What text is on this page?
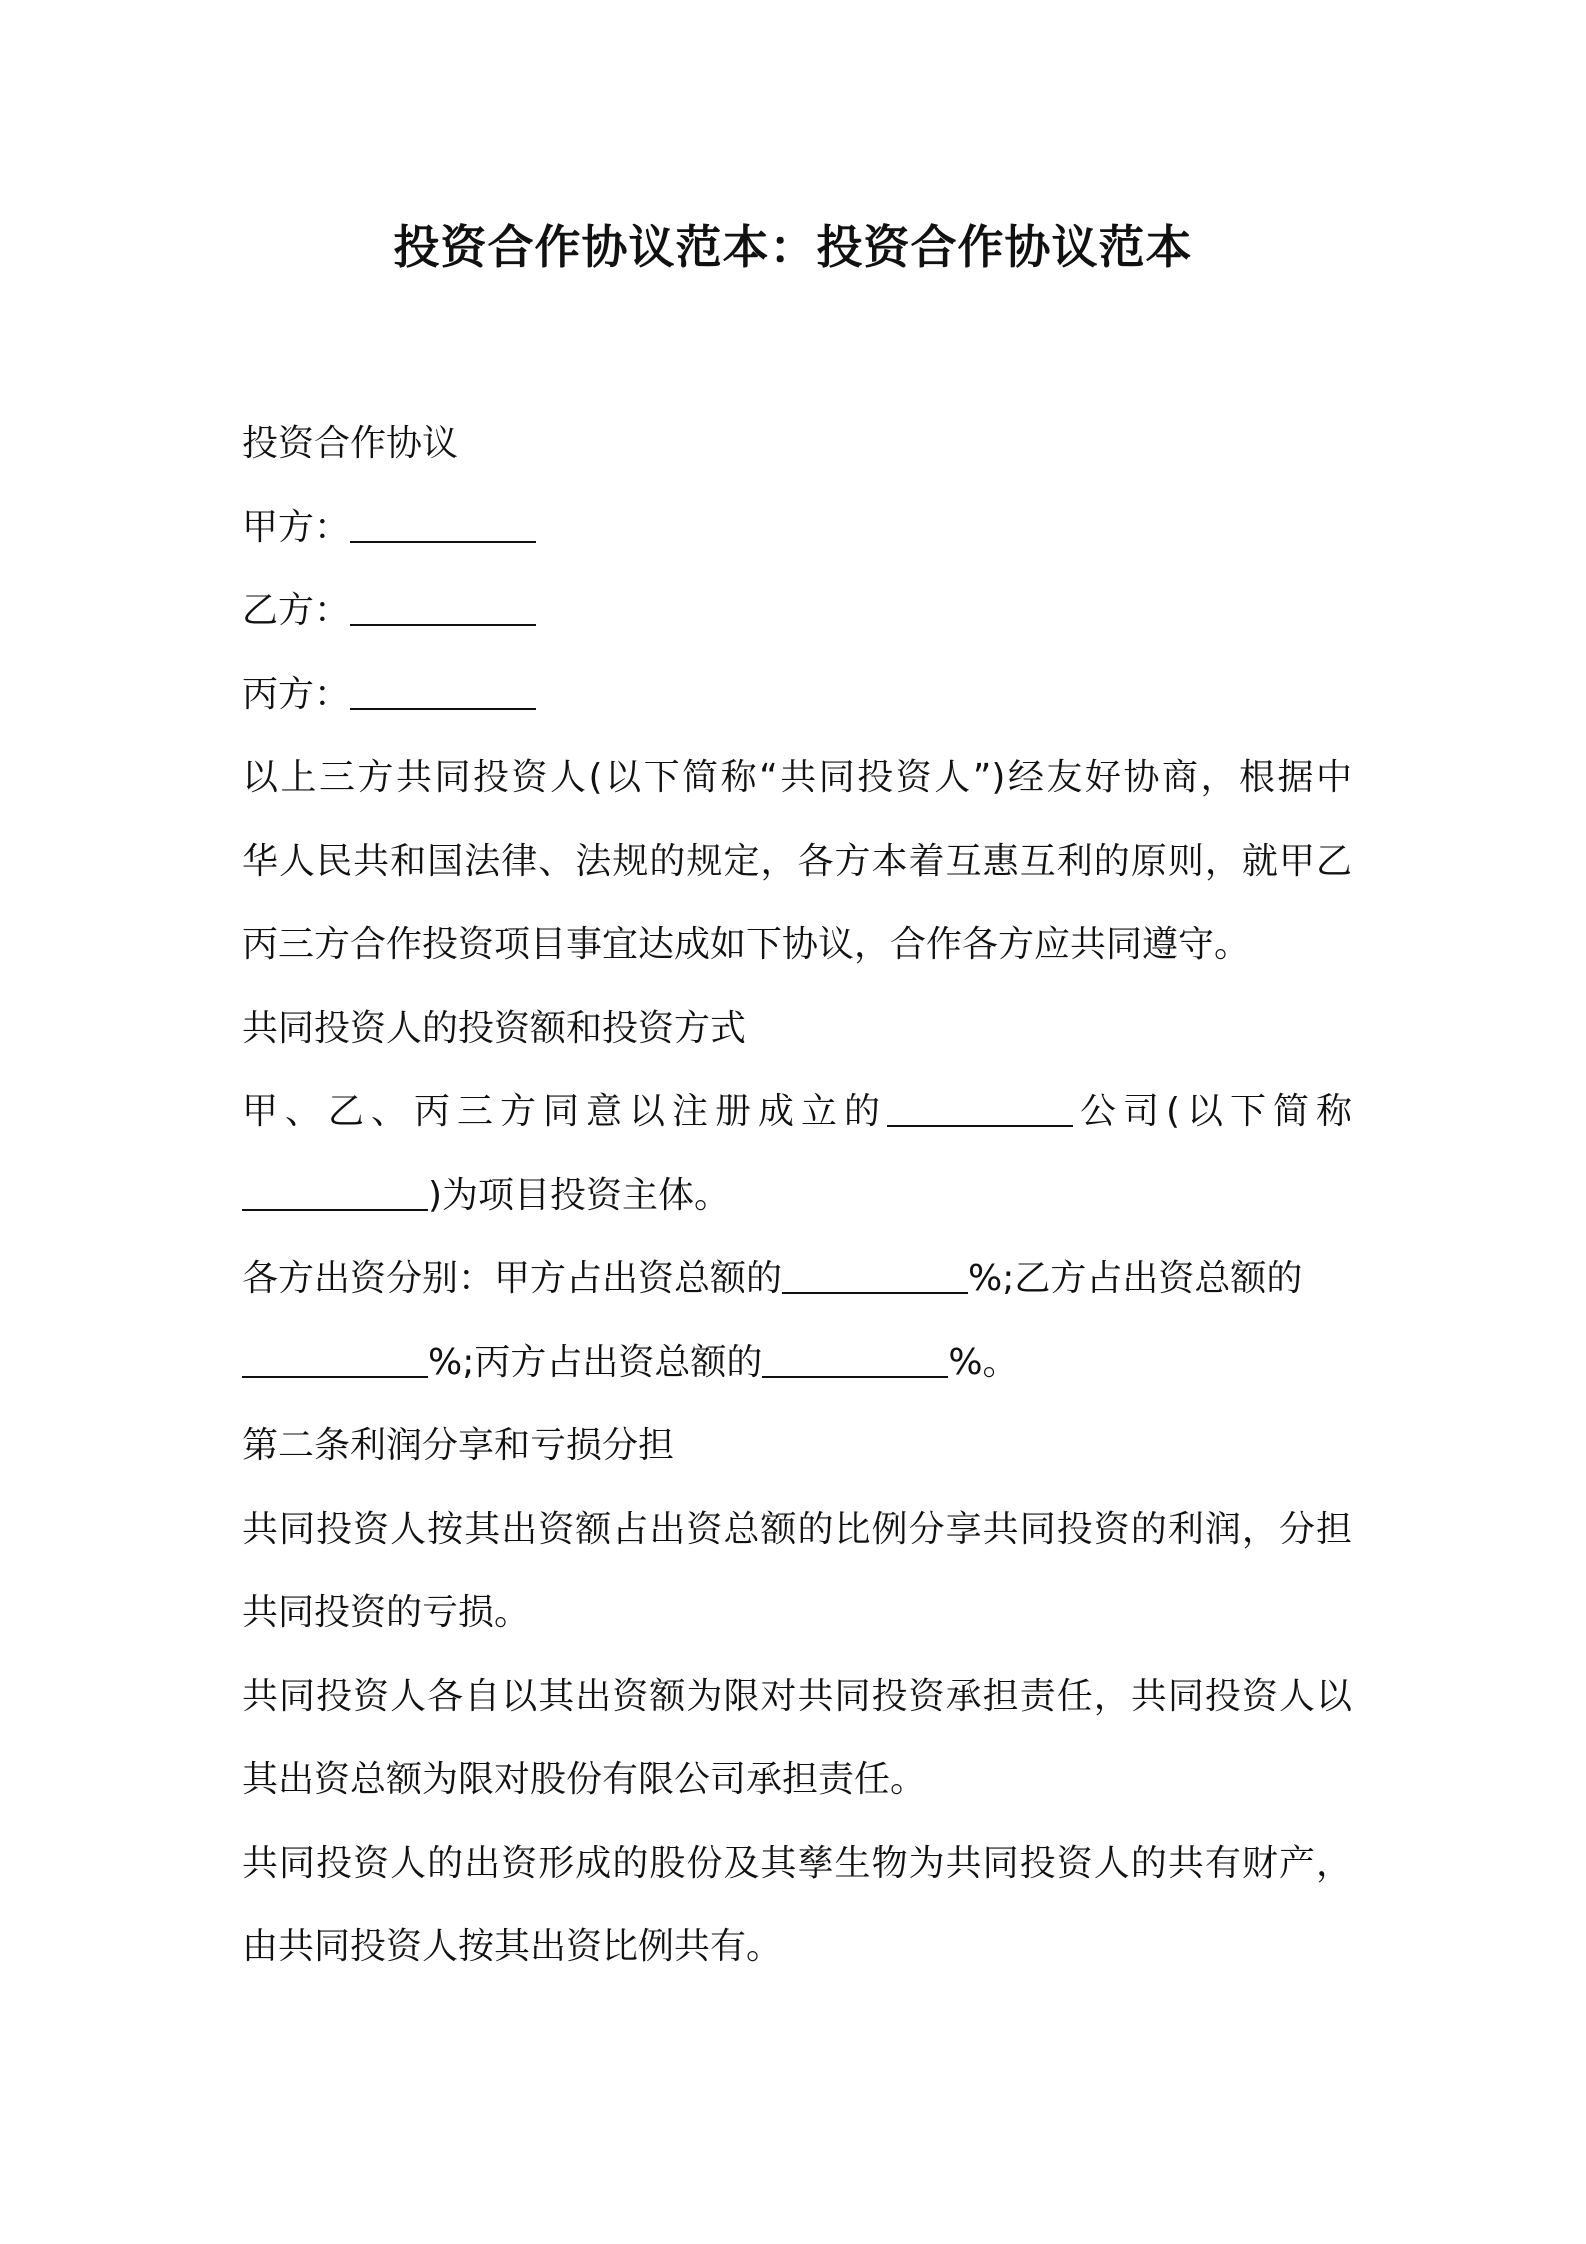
投资合作协议范本：投资合作协议范本
投资合作协议
甲方：
乙方：
丙方：
以上三方共同投资人(以下简称“共同投资人”)经友好协商，根据中
华人民共和国法律、法规的规定，各方本着互惠互利的原则，就甲乙
丙三方合作投资项目事宜达成如下协议，合作各方应共同遵守。
共同投资人的投资额和投资方式
甲、乙、丙三方同意以注册成立的	公司(以下简称
)为项目投资主体。
各方出资分别：甲方占出资总额的	%;乙方占出资总额的
%;丙方占出资总额的	%。
第二条利润分享和亏损分担
共同投资人按其出资额占出资总额的比例分享共同投资的利润，分担
共同投资的亏损。
共同投资人各自以其出资额为限对共同投资承担责任，共同投资人以
其出资总额为限对股份有限公司承担责任。
共同投资人的出资形成的股份及其孳生物为共同投资人的共有财产，
由共同投资人按其出资比例共有。
